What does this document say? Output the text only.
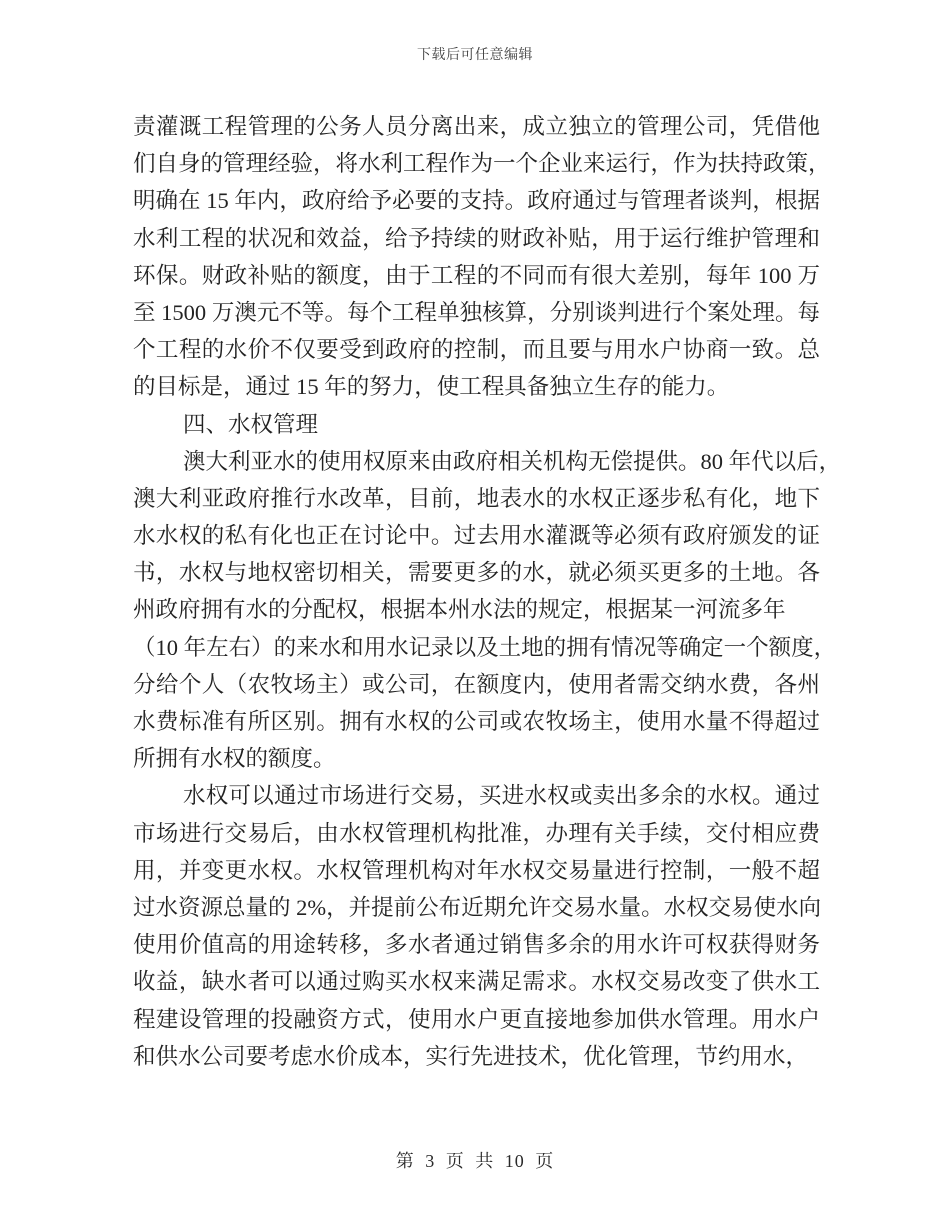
下载后可任意编辑
责灌溉工程管理的公务人员分离出来，成立独立的管理公司，凭借他
们自身的管理经验，将水利工程作为一个企业来运行，作为扶持政策，
明确在 15 年内，政府给予必要的支持。政府通过与管理者谈判，根据
水利工程的状况和效益，给予持续的财政补贴，用于运行维护管理和
环保。财政补贴的额度，由于工程的不同而有很大差别，每年 100 万
至 1500 万澳元不等。每个工程单独核算，分别谈判进行个案处理。每
个工程的水价不仅要受到政府的控制，而且要与用水户协商一致。总
的目标是，通过 15 年的努力，使工程具备独立生存的能力。
四、水权管理
澳大利亚水的使用权原来由政府相关机构无偿提供。80 年代以后，
澳大利亚政府推行水改革，目前，地表水的水权正逐步私有化，地下
水水权的私有化也正在讨论中。过去用水灌溉等必须有政府颁发的证
书，水权与地权密切相关，需要更多的水，就必须买更多的土地。各
州政府拥有水的分配权，根据本州水法的规定，根据某一河流多年
（10 年左右）的来水和用水记录以及土地的拥有情况等确定一个额度，
分给个人（农牧场主）或公司，在额度内，使用者需交纳水费，各州
水费标准有所区别。拥有水权的公司或农牧场主，使用水量不得超过
所拥有水权的额度。
水权可以通过市场进行交易，买进水权或卖出多余的水权。通过
市场进行交易后，由水权管理机构批准，办理有关手续，交付相应费
用，并变更水权。水权管理机构对年水权交易量进行控制，一般不超
过水资源总量的 2%，并提前公布近期允许交易水量。水权交易使水向
使用价值高的用途转移，多水者通过销售多余的用水许可权获得财务
收益，缺水者可以通过购买水权来满足需求。水权交易改变了供水工
程建设管理的投融资方式，使用水户更直接地参加供水管理。用水户
和供水公司要考虑水价成本，实行先进技术，优化管理，节约用水，
第 3 页 共 10 页
